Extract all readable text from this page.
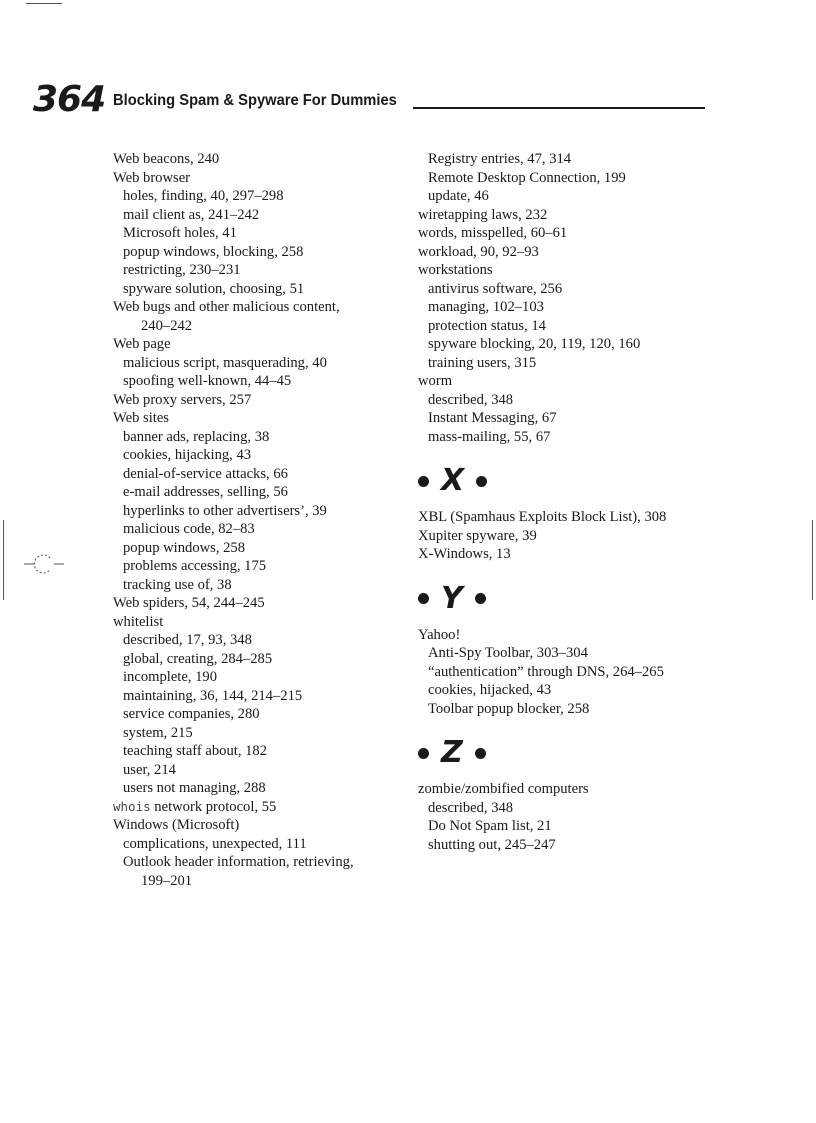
364 Blocking Spam & Spyware For Dummies
Web beacons, 240
Web browser
holes, finding, 40, 297–298
mail client as, 241–242
Microsoft holes, 41
popup windows, blocking, 258
restricting, 230–231
spyware solution, choosing, 51
Web bugs and other malicious content,
240–242
Web page
malicious script, masquerading, 40
spoofing well-known, 44–45
Web proxy servers, 257
Web sites
banner ads, replacing, 38
cookies, hijacking, 43
denial-of-service attacks, 66
e-mail addresses, selling, 56
hyperlinks to other advertisers’, 39
malicious code, 82–83
popup windows, 258
problems accessing, 175
tracking use of, 38
Web spiders, 54, 244–245
whitelist
described, 17, 93, 348
global, creating, 284–285
incomplete, 190
maintaining, 36, 144, 214–215
service companies, 280
system, 215
teaching staff about, 182
user, 214
users not managing, 288
whois network protocol, 55
Windows (Microsoft)
complications, unexpected, 111
Outlook header information, retrieving,
199–201
Registry entries, 47, 314
Remote Desktop Connection, 199
update, 46
wiretapping laws, 232
words, misspelled, 60–61
workload, 90, 92–93
workstations
antivirus software, 256
managing, 102–103
protection status, 14
spyware blocking, 20, 119, 120, 160
training users, 315
worm
described, 348
Instant Messaging, 67
mass-mailing, 55, 67
X
XBL (Spamhaus Exploits Block List), 308
Xupiter spyware, 39
X-Windows, 13
Y
Yahoo!
Anti-Spy Toolbar, 303–304
“authentication” through DNS, 264–265
cookies, hijacked, 43
Toolbar popup blocker, 258
Z
zombie/zombified computers
described, 348
Do Not Spam list, 21
shutting out, 245–247
